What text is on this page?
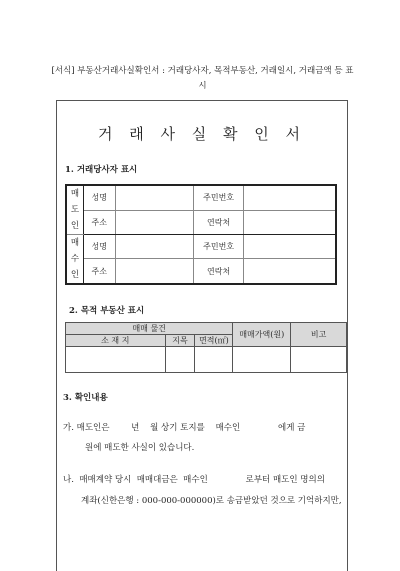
[서식] 부동산거래사실확인서 : 거래당사자, 목적부동산, 거래일시, 거래금액 등 표
시
거 래 사 실 확 인 서
1. 거래당사자 표시
매
도
인	성명		주민번호	
	주소		연락처	

매
수
인	성명		주민번호	
	주소		연락처	
2. 목적 부동산 표시
매매 물건			매매가액(원)	비고
소 재 지	지목	면적(㎡)		

3. 확인내용
가. 매도인은        년    월 상기 토지를    매수인              에게 금
원에 매도한 사실이 있습니다.
나.  매매계약 당시  매매대금은  매수인              로부터 매도인 명의의
계좌(신한은행 : 000-000-000000)로 송금받았던 것으로 기억하지만,
